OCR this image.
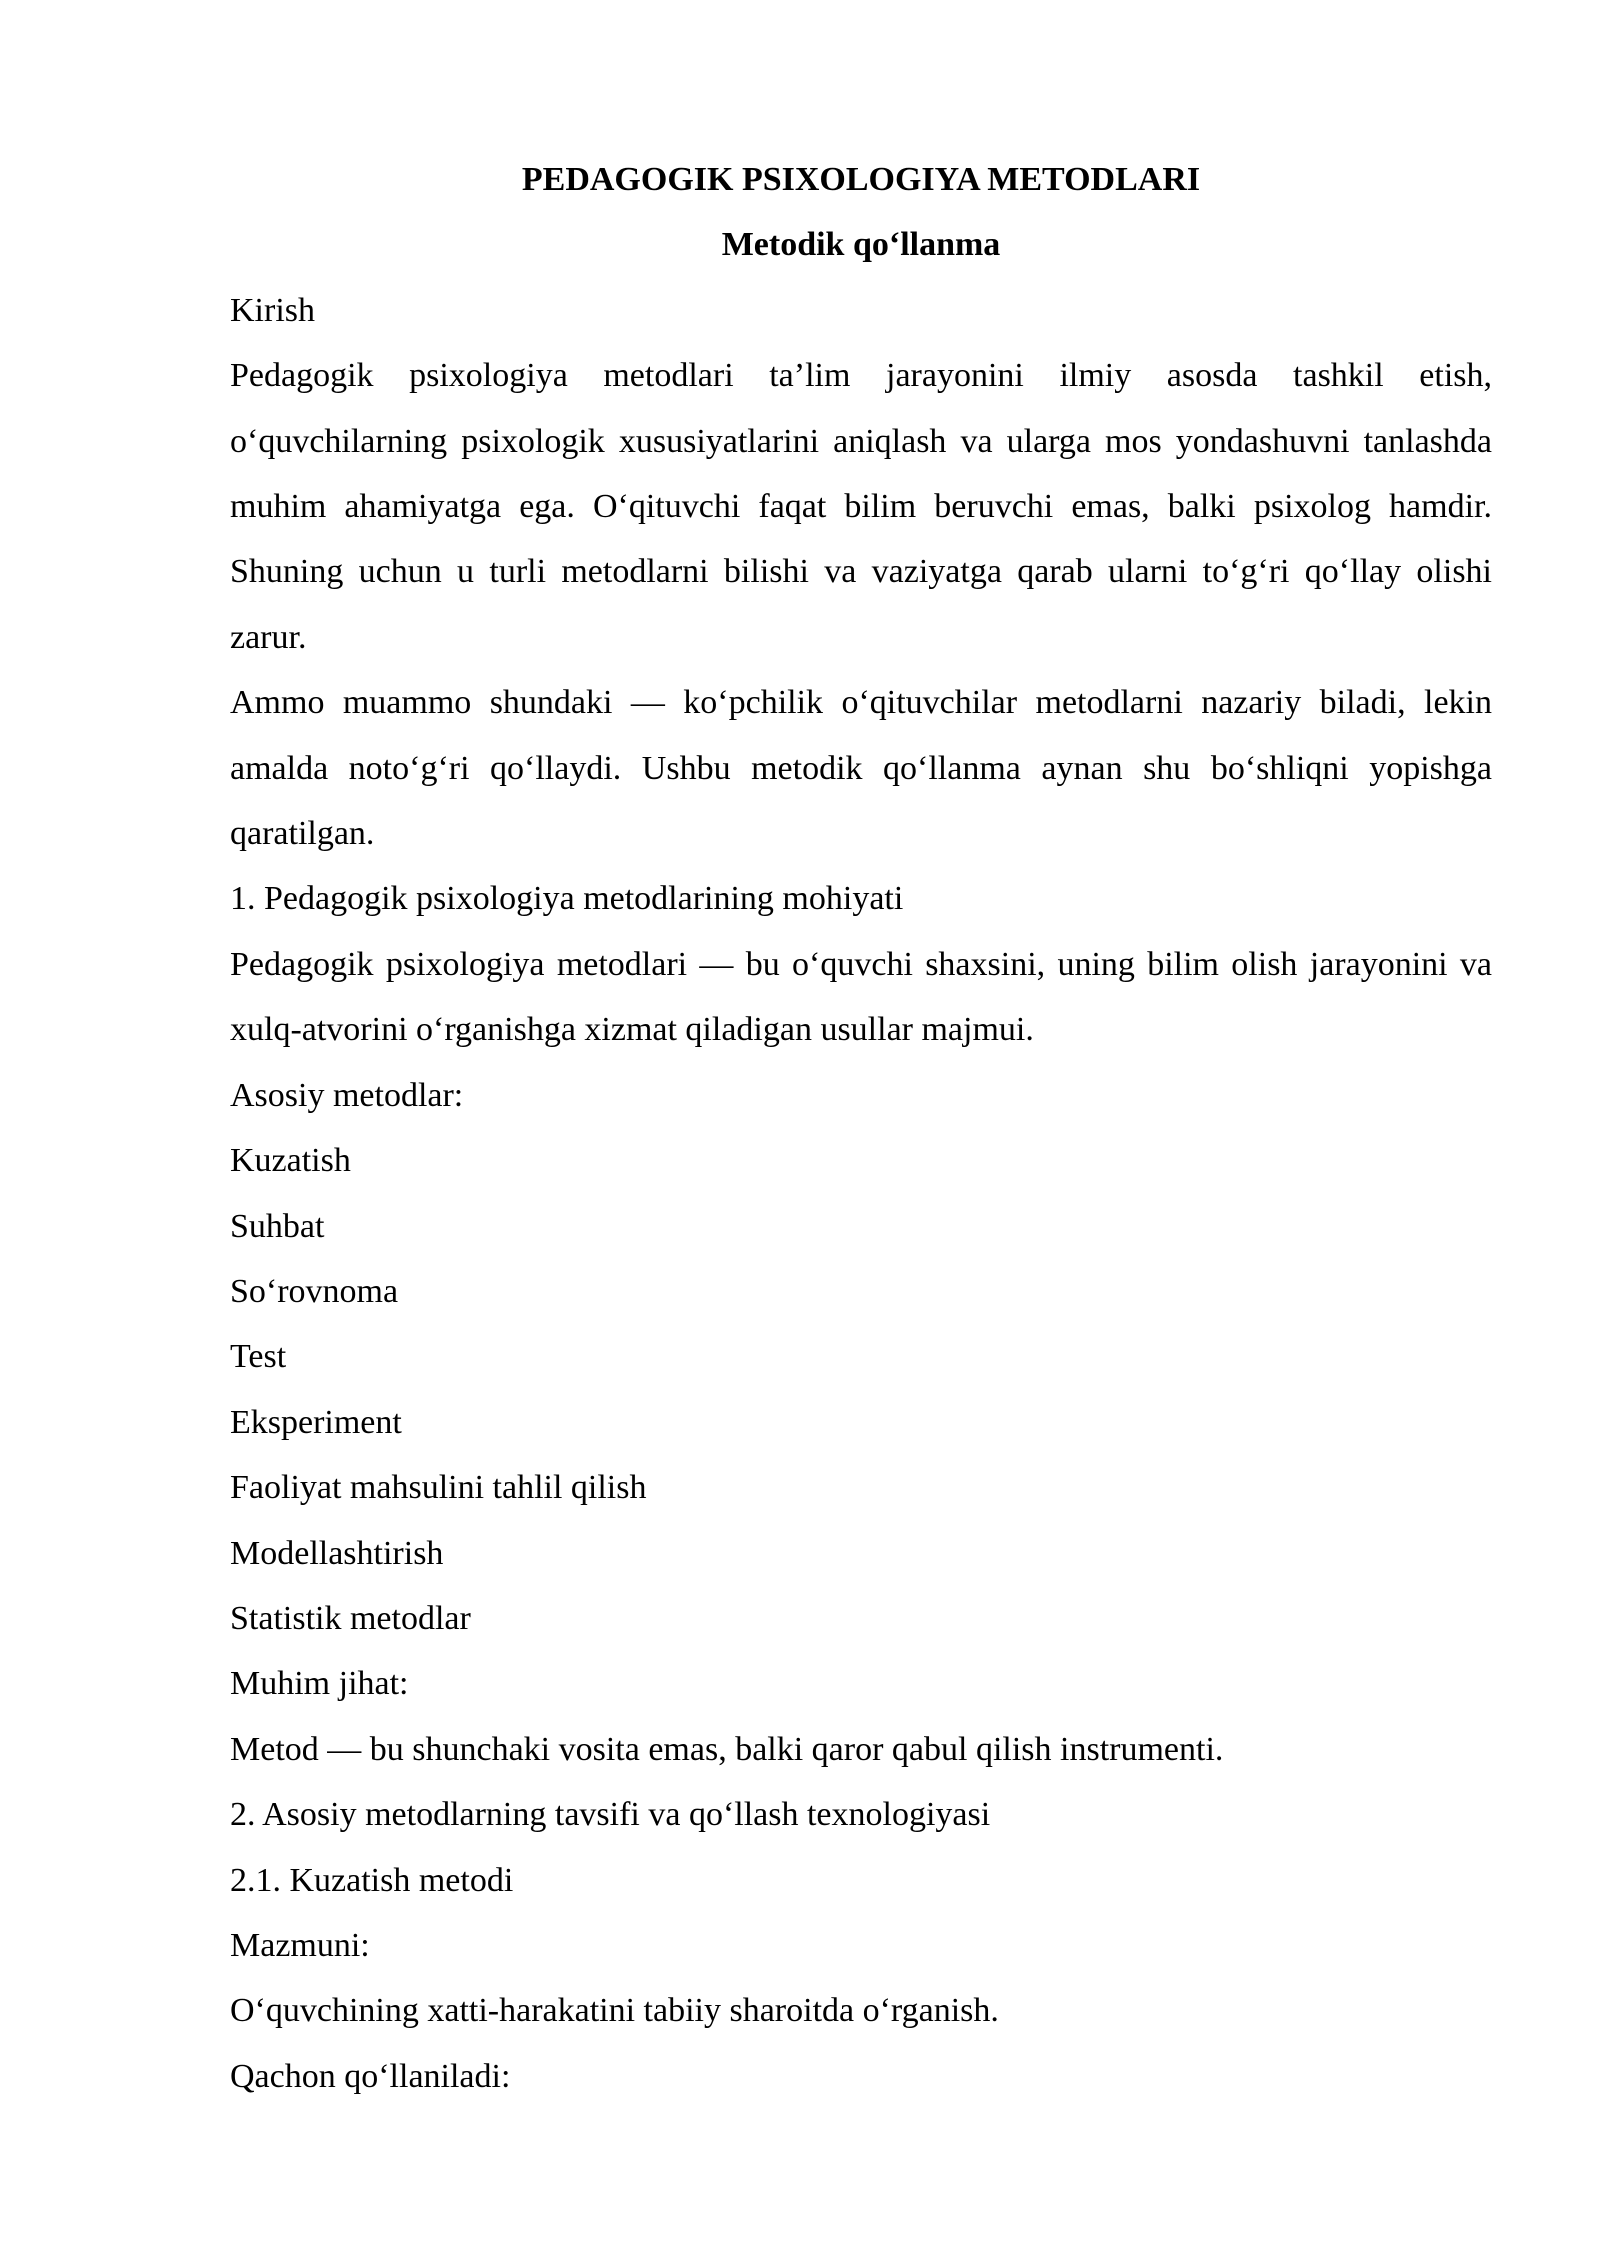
PEDAGOGIK PSIXOLOGIYA METODLARI

Metodik qo‘llanma

Kirish

Pedagogik psixologiya metodlari ta’lim jarayonini ilmiy asosda tashkil etish, o‘quvchilarning psixologik xususiyatlarini aniqlash va ularga mos yondashuvni tanlashda muhim ahamiyatga ega. O‘qituvchi faqat bilim beruvchi emas, balki psixolog hamdir. Shuning uchun u turli metodlarni bilishi va vaziyatga qarab ularni to‘g‘ri qo‘llay olishi zarur.

Ammo muammo shundaki — ko‘pchilik o‘qituvchilar metodlarni nazariy biladi, lekin amalda noto‘g‘ri qo‘llaydi. Ushbu metodik qo‘llanma aynan shu bo‘shliqni yopishga qaratilgan.

1. Pedagogik psixologiya metodlarining mohiyati

Pedagogik psixologiya metodlari — bu o‘quvchi shaxsini, uning bilim olish jarayonini va xulq-atvorini o‘rganishga xizmat qiladigan usullar majmui.

Asosiy metodlar:

Kuzatish

Suhbat

So‘rovnoma

Test

Eksperiment

Faoliyat mahsulini tahlil qilish

Modellashtirish

Statistik metodlar

Muhim jihat:

Metod — bu shunchaki vosita emas, balki qaror qabul qilish instrumenti.

2. Asosiy metodlarning tavsifi va qo‘llash texnologiyasi

2.1. Kuzatish metodi

Mazmuni:

O‘quvchining xatti-harakatini tabiiy sharoitda o‘rganish.

Qachon qo‘llaniladi:
